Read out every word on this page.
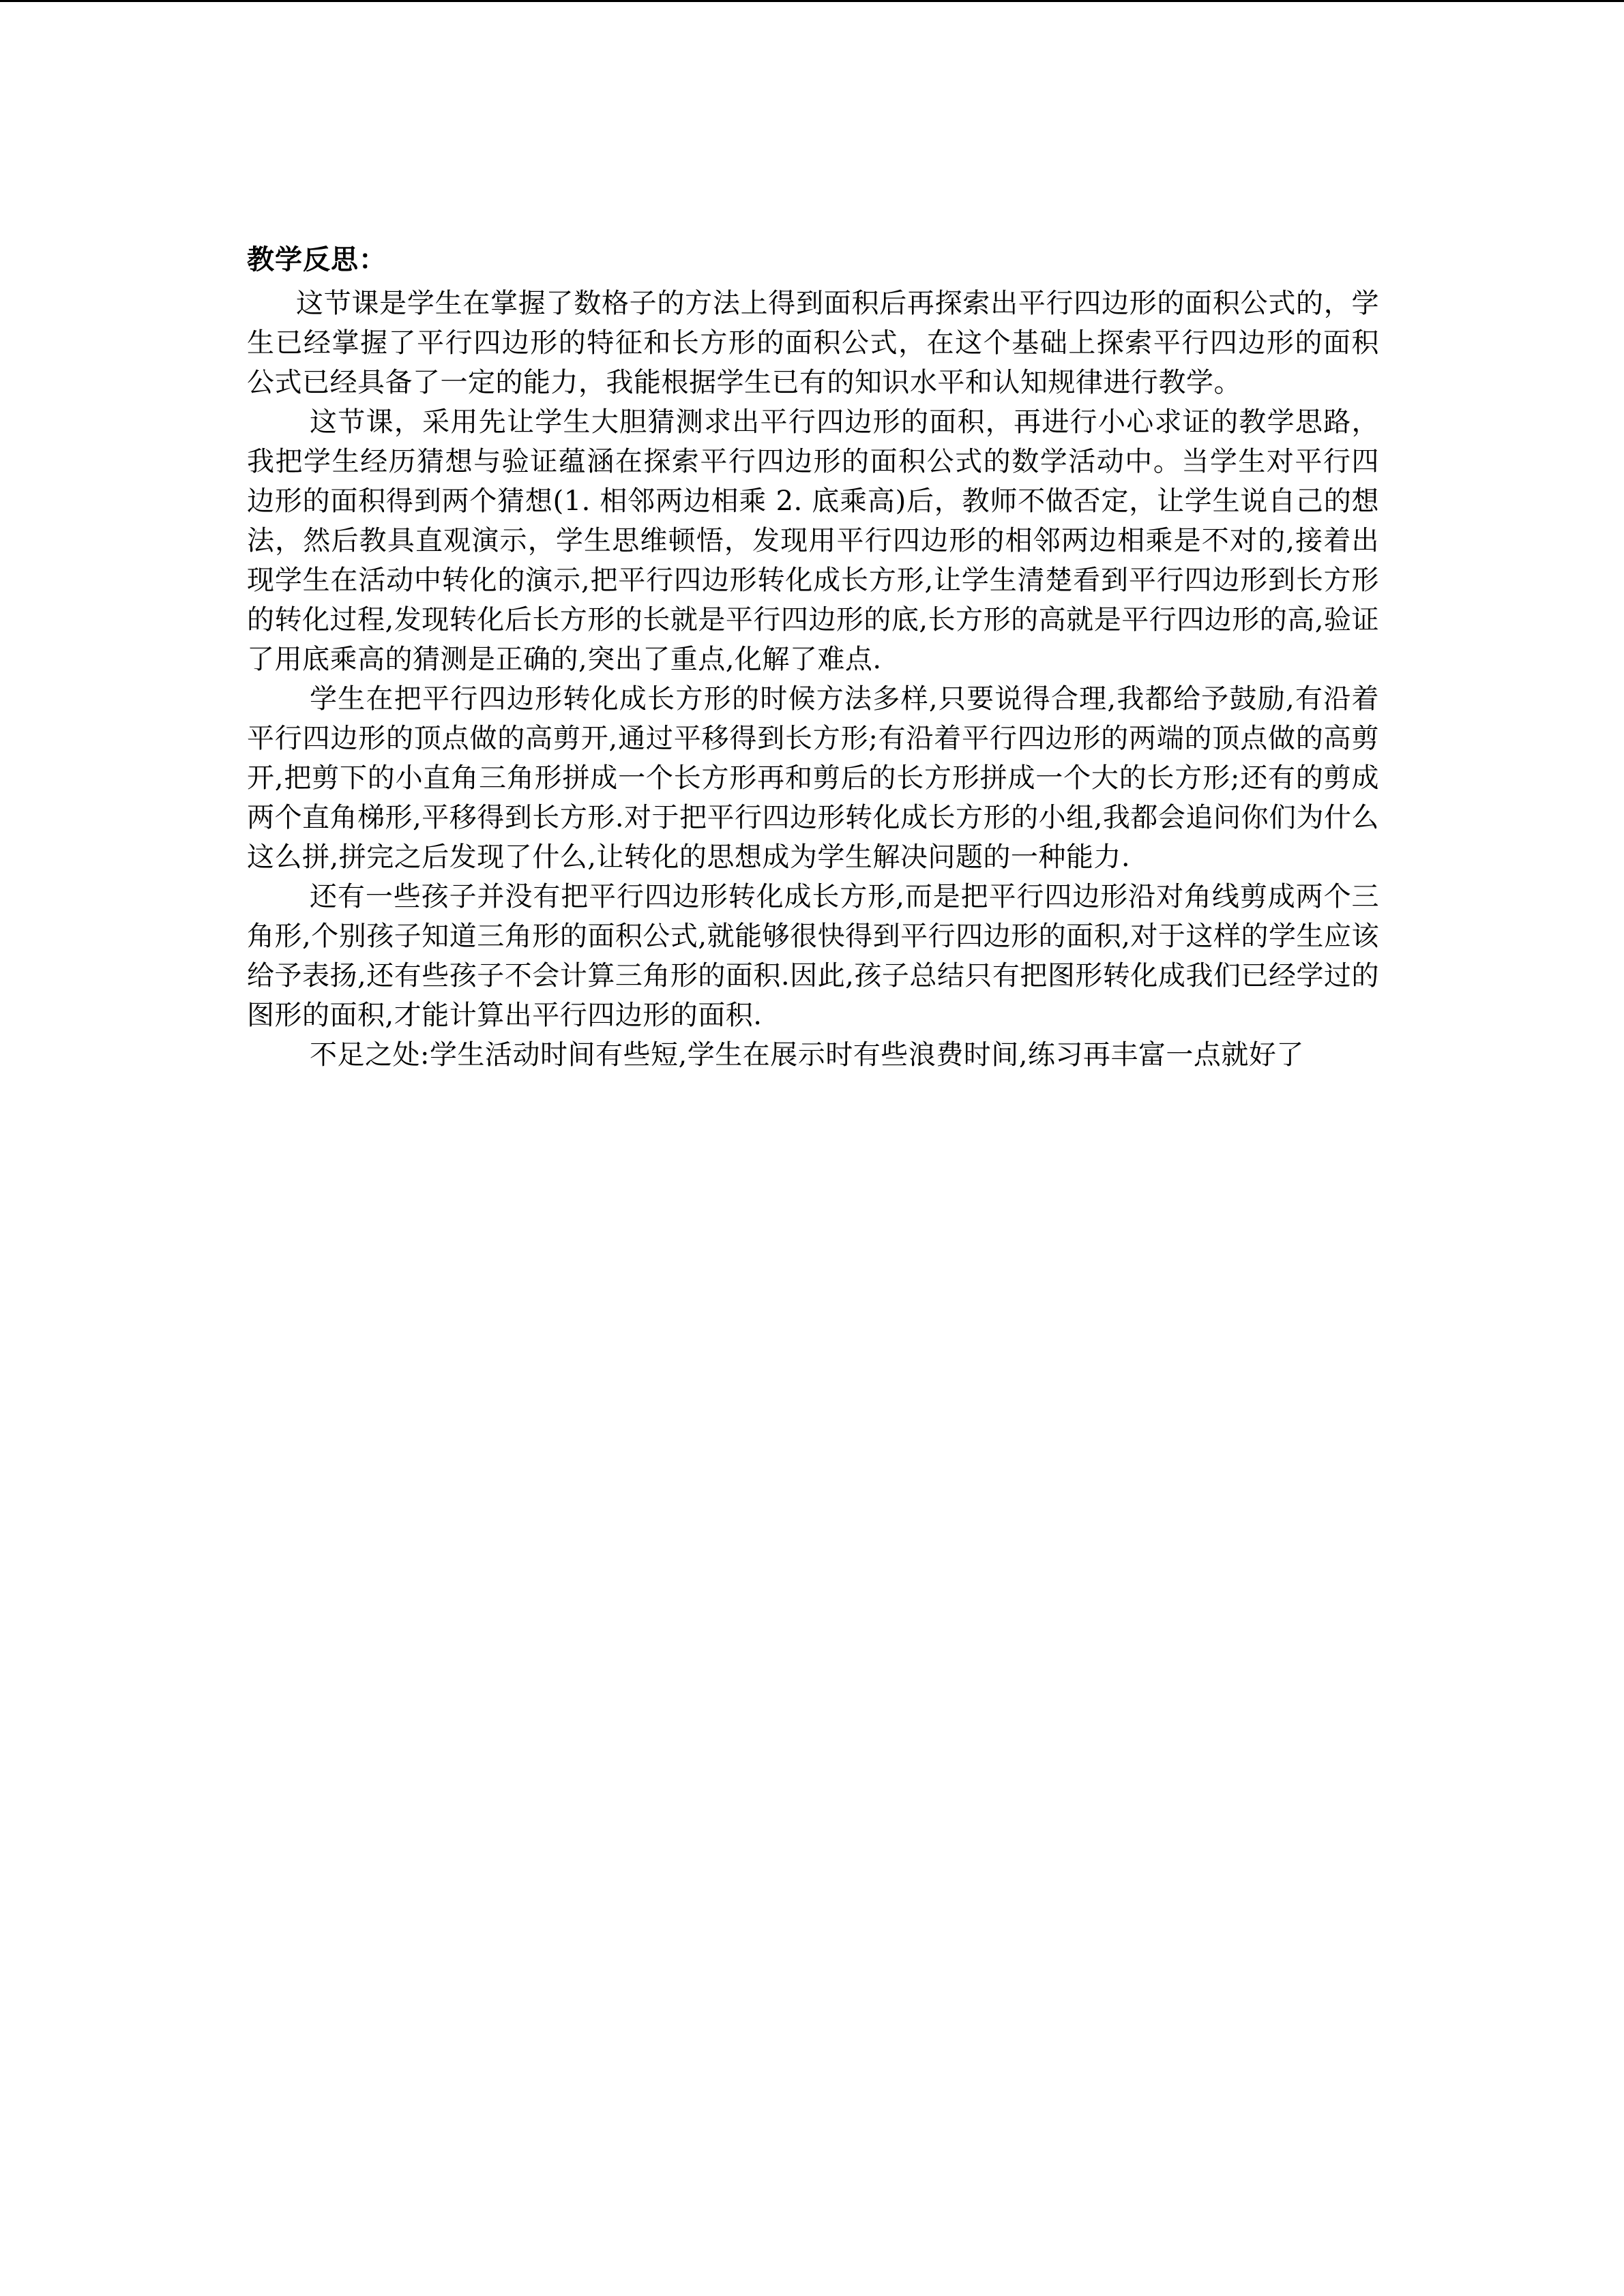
教学反思：

这节课是学生在掌握了数格子的方法上得到面积后再探索出平行四边形的面积公式的，学生已经掌握了平行四边形的特征和长方形的面积公式，在这个基础上探索平行四边形的面积公式已经具备了一定的能力，我能根据学生已有的知识水平和认知规律进行教学。

这节课，采用先让学生大胆猜测求出平行四边形的面积，再进行小心求证的教学思路，我把学生经历猜想与验证蕴涵在探索平行四边形的面积公式的数学活动中。当学生对平行四边形的面积得到两个猜想(1. 相邻两边相乘 2. 底乘高)后，教师不做否定，让学生说自己的想法，然后教具直观演示，学生思维顿悟，发现用平行四边形的相邻两边相乘是不对的,接着出现学生在活动中转化的演示,把平行四边形转化成长方形,让学生清楚看到平行四边形到长方形的转化过程,发现转化后长方形的长就是平行四边形的底,长方形的高就是平行四边形的高,验证了用底乘高的猜测是正确的,突出了重点,化解了难点.

学生在把平行四边形转化成长方形的时候方法多样,只要说得合理,我都给予鼓励,有沿着平行四边形的顶点做的高剪开,通过平移得到长方形;有沿着平行四边形的两端的顶点做的高剪开,把剪下的小直角三角形拼成一个长方形再和剪后的长方形拼成一个大的长方形;还有的剪成两个直角梯形,平移得到长方形.对于把平行四边形转化成长方形的小组,我都会追问你们为什么这么拼,拼完之后发现了什么,让转化的思想成为学生解决问题的一种能力.

还有一些孩子并没有把平行四边形转化成长方形,而是把平行四边形沿对角线剪成两个三角形,个别孩子知道三角形的面积公式,就能够很快得到平行四边形的面积,对于这样的学生应该给予表扬,还有些孩子不会计算三角形的面积.因此,孩子总结只有把图形转化成我们已经学过的图形的面积,才能计算出平行四边形的面积.

不足之处:学生活动时间有些短,学生在展示时有些浪费时间,练习再丰富一点就好了
